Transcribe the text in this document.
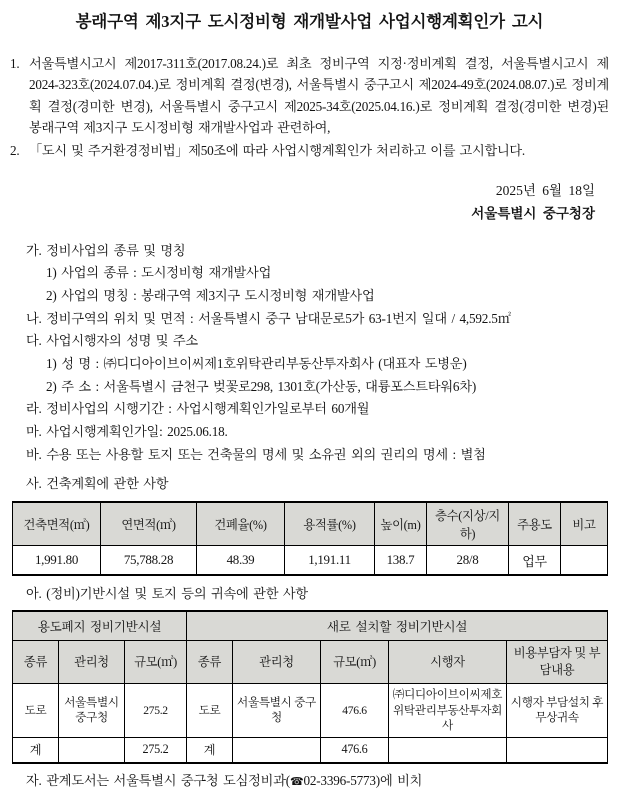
봉래구역 제3지구 도시정비형 재개발사업 사업시행계획인가 고시
1. 서울특별시고시 제2017-311호(2017.08.24.)로 최초 정비구역 지정·정비계획 결정, 서울특별시고시 제2024-323호(2024.07.04.)로 정비계획 결정(변경), 서울특별시 중구고시 제2024-49호(2024.08.07.)로 정비계획 결정(경미한 변경), 서울특별시 중구고시 제2025-34호(2025.04.16.)로 정비계획 결정(경미한 변경)된 봉래구역 제3지구 도시정비형 재개발사업과 관련하여,
2. 「도시 및 주거환경정비법」제50조에 따라 사업시행계획인가 처리하고 이를 고시합니다.
2025년 6월 18일
서울특별시 중구청장
가. 정비사업의 종류 및 명칭
1) 사업의 종류 : 도시정비형 재개발사업
2) 사업의 명칭 : 봉래구역 제3지구 도시정비형 재개발사업
나. 정비구역의 위치 및 면적 : 서울특별시 중구 남대문로5가 63-1번지 일대 / 4,592.5㎡
다. 사업시행자의 성명 및 주소
1) 성 명 : ㈜디디아이브이씨제1호위탁관리부동산투자회사 (대표자 도병운)
2) 주 소 : 서울특별시 금천구 벚꽃로298, 1301호(가산동, 대륭포스트타워6차)
라. 정비사업의 시행기간 : 사업시행계획인가일로부터 60개월
마. 사업시행계획인가일: 2025.06.18.
바. 수용 또는 사용할 토지 또는 건축물의 명세 및 소유권 외의 권리의 명세 : 별첨
사. 건축계획에 관한 사항
건축면적(㎡)	연면적(㎡)	건폐율(%)	용적률(%)	높이(m)	층수(지상/지하)	주용도	비고
1,991.80	75,788.28	48.39	1,191.11	138.7	28/8	업무	
아. (정비)기반시설 및 토지 등의 귀속에 관한 사항
용도폐지 정비기반시설			새로 설치할 정비기반시설				
종류	관리청	규모(㎡)	종류	관리청	규모(㎡)	시행자	비용부담자 및 부담내용
도로	서울특별시 중구청	275.2	도로	서울특별시 중구청	476.6	㈜디디아이브이씨제호 위탁관리부동산투자회사	시행자 부담설치 후 무상귀속
계		275.2	계		476.6		
자. 관계도서는 서울특별시 중구청 도심정비과(☎02-3396-5773)에 비치
